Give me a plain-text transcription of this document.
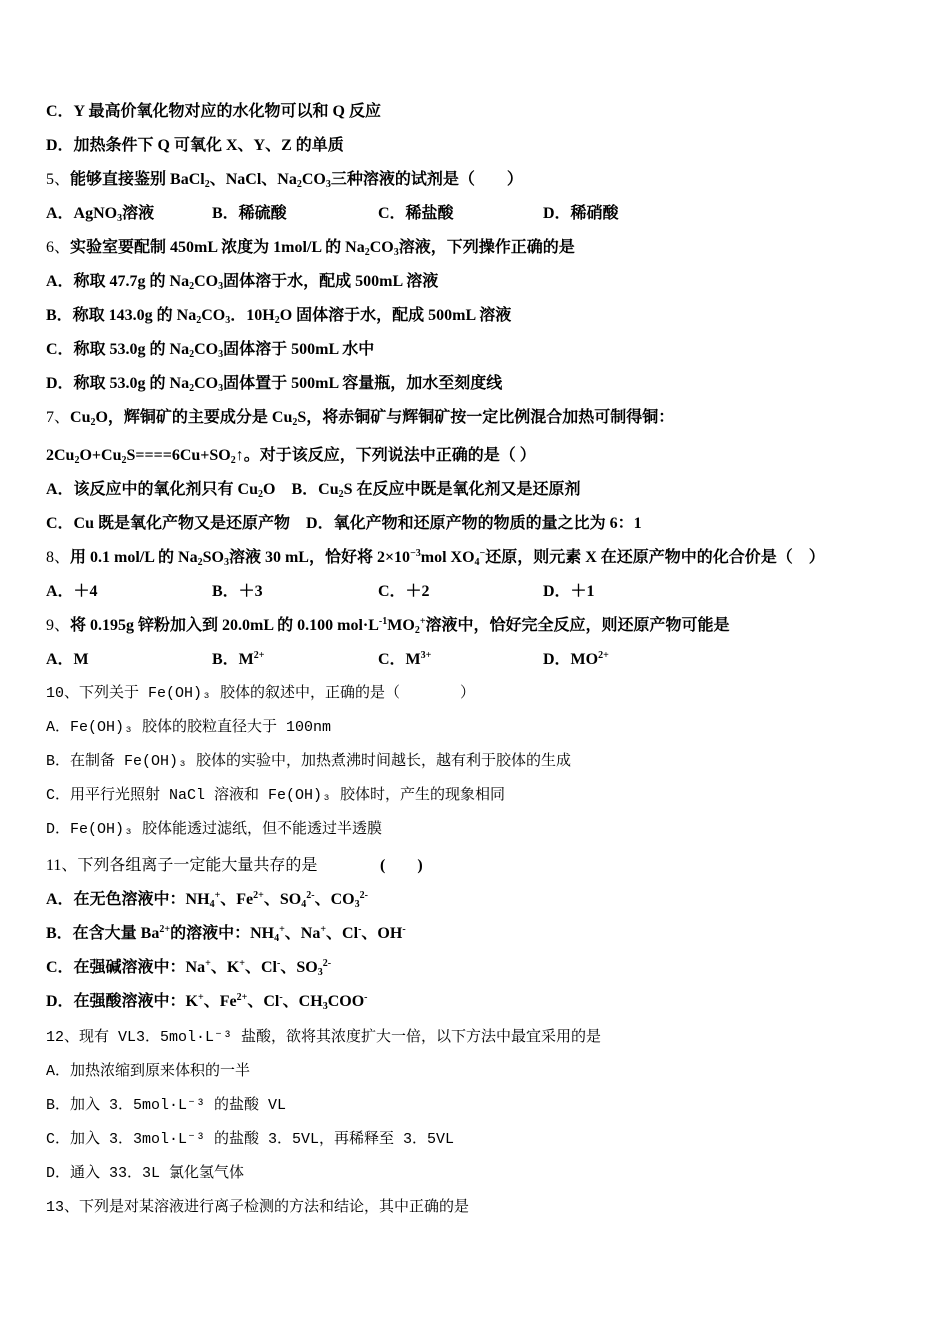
C．Y 最高价氧化物对应的水化物可以和 Q 反应
D．加热条件下 Q 可氧化 X、Y、Z 的单质
5、能够直接鉴别 BaCl$_2$、NaCl、$Na_2CO_3$三种溶液的试剂是（　　）
A．AgNO$_3$溶液	B．稀硫酸	C．稀盐酸	D．稀硝酸
6、实验室要配制 450mL 浓度为 1mol/L 的 $Na_2CO_3$溶液，下列操作正确的是
A．称取 47.7g 的 $Na_2CO_3$固体溶于水，配成 500mL 溶液
B．称取 143.0g 的 $Na_2CO_3$．$10H_2O$ 固体溶于水，配成 500mL 溶液
C．称取 53.0g 的 $Na_2CO_3$固体溶于 500mL 水中
D．称取 53.0g 的 $Na_2CO_3$固体置于 500mL 容量瓶，加水至刻度线
7、$Cu_2O$，辉铜矿的主要成分是 $Cu_2S$，将赤铜矿与辉铜矿按一定比例混合加热可制得铜：
$2Cu_2O+Cu_2S====6Cu+SO_2↑$。对于该反应，下列说法中正确的是（ ）
A．该反应中的氧化剂只有 $Cu_2O$　B．$Cu_2S$ 在反应中既是氧化剂又是还原剂
C．Cu 既是氧化产物又是还原产物　D．氧化产物和还原产物的物质的量之比为 6：1
8、用 0.1 mol/L 的 $Na_2SO_3$溶液 30 mL，恰好将 $2\times 10^{-3}mol$ $XO_4^-$还原，则元素 X 在还原产物中的化合价是（　）
A．＋4	B．＋3	C．＋2	D．＋1
9、将 0.195g 锌粉加入到 20.0mL 的 0.100 $mol\cdot L^{-1}MO_2^+$溶液中，恰好完全反应，则还原产物可能是
A．M	B．$M^{2+}$	C．$M^{3+}$	D．$MO^{2+}$
10、下列关于 Fe(OH)₃ 胶体的叙述中，正确的是（　　　　）
A．Fe(OH)₃ 胶体的胶粒直径大于 100nm
B．在制备 Fe(OH)₃ 胶体的实验中，加热煮沸时间越长，越有利于胶体的生成
C．用平行光照射 NaCl 溶液和 Fe(OH)₃ 胶体时，产生的现象相同
D．Fe(OH)₃ 胶体能透过滤纸，但不能透过半透膜
11、下列各组离子一定能大量共存的是	(　　)
A．在无色溶液中：$NH_4^+$、$Fe^{2+}$、$SO_4^{2-}$、$CO_3^{2-}$
B．在含大量 $Ba^{2+}$的溶液中：$NH_4^+$、Na+、Cl-、OH-
C．在强碱溶液中：Na+、K+、Cl-、$SO_3^{2-}$
D．在强酸溶液中：K+、$Fe^{2+}$、Cl-、$CH_3COO^-$
12、现有 VL3．5mol·L⁻³ 盐酸，欲将其浓度扩大一倍，以下方法中最宜采用的是
A．加热浓缩到原来体积的一半
B．加入 3．5mol·L⁻³ 的盐酸 VL
C．加入 3．3mol·L⁻³ 的盐酸 3．5VL，再稀释至 3．5VL
D．通入 33．3L 氯化氢气体
13、下列是对某溶液进行离子检测的方法和结论，其中正确的是
